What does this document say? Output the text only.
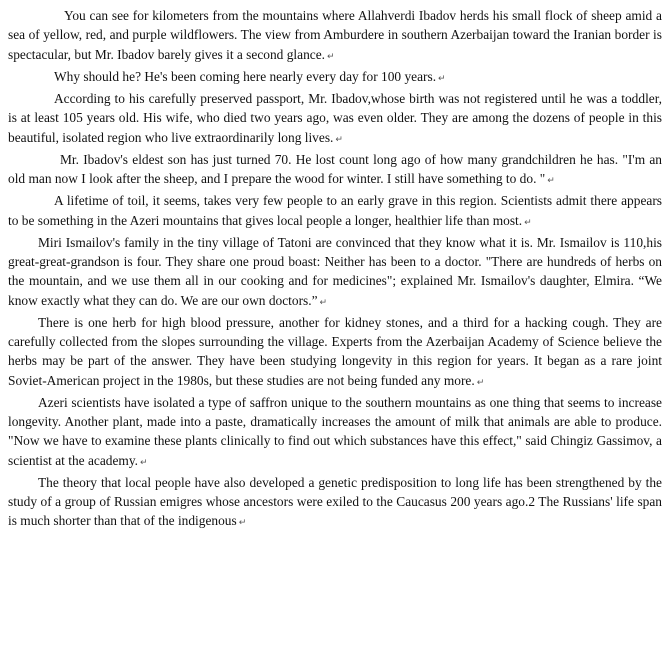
You can see for kilometers from the mountains where Allahverdi Ibadov herds his small flock of sheep amid a sea of yellow, red, and purple wildflowers. The view from Amburdere in southern Azerbaijan toward the Iranian border is spectacular, but Mr. Ibadov barely gives it a second glance. ↵

Why should he? He's been coming here nearly every day for 100 years. ↵

According to his carefully preserved passport, Mr. Ibadov,whose birth was not registered until he was a toddler, is at least 105 years old. His wife, who died two years ago, was even older. They are among the dozens of people in this beautiful, isolated region who live extraordinarily long lives. ↵

Mr. Ibadov's eldest son has just turned 70. He lost count long ago of how many grandchildren he has. "I'm an old man now I look after the sheep, and I prepare the wood for winter. I still have something to do. " ↵

A lifetime of toil, it seems, takes very few people to an early grave in this region. Scientists admit there appears to be something in the Azeri mountains that gives local people a longer, healthier life than most. ↵

Miri Ismailov's family in the tiny village of Tatoni are convinced that they know what it is. Mr. Ismailov is 110,his great-great-grandson is four. They share one proud boast: Neither has been to a doctor. "There are hundreds of herbs on the mountain, and we use them all in our cooking and for medicines"; explained Mr. Ismailov's daughter, Elmira. “We know exactly what they can do. We are our own doctors.” ↵

There is one herb for high blood pressure, another for kidney stones, and a third for a hacking cough. They are carefully collected from the slopes surrounding the village. Experts from the Azerbaijan Academy of Science believe the herbs may be part of the answer. They have been studying longevity in this region for years. It began as a rare joint Soviet-American project in the 1980s, but these studies are not being funded any more. ↵

Azeri scientists have isolated a type of saffron unique to the southern mountains as one thing that seems to increase longevity. Another plant, made into a paste, dramatically increases the amount of milk that animals are able to produce. "Now we have to examine these plants clinically to find out which substances have this effect," said Chingiz Gassimov, a scientist at the academy. ↵

The theory that local people have also developed a genetic predisposition to long life has been strengthened by the study of a group of Russian emigres whose ancestors were exiled to the Caucasus 200 years ago.2 The Russians' life span is much shorter than that of the indigenous ↵
